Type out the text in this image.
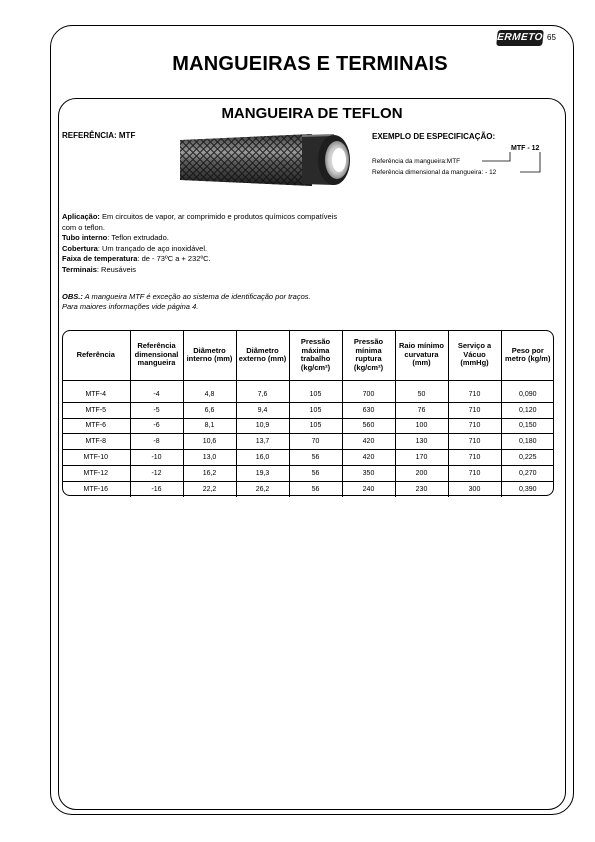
ERMETO 65
MANGUEIRAS E TERMINAIS
MANGUEIRA DE TEFLON
REFERÊNCIA: MTF	EXEMPLO DE ESPECIFICAÇÃO:
MTF - 12
Referência da mangueira:MTF
Referência dimensional da mangueira: - 12
Aplicação: Em circuitos de vapor, ar comprimido e produtos químicos compatíveis com o teflon.
Tubo interno: Teflon extrudado.
Cobertura: Um trançado de aço inoxidável.
Faixa de temperatura: de - 73ºC a + 232ºC.
Terminais: Reusáveis
OBS.: A mangueira MTF é exceção ao sistema de identificação por traços.
Para maiores informações vide página 4.
Referência	Referência dimensional mangueira	Diâmetro interno (mm)	Diâmetro externo (mm)	Pressão máxima trabalho (kg/cm²)	Pressão mínima ruptura (kg/cm²)	Raio mínimo curvatura (mm)	Serviço a Vácuo (mmHg)	Peso por metro (kg/m)
MTF-4	-4	4,8	7,6	105	700	50	710	0,090
MTF-5	-5	6,6	9,4	105	630	76	710	0,120
MTF-6	-6	8,1	10,9	105	560	100	710	0,150
MTF-8	-8	10,6	13,7	70	420	130	710	0,180
MTF-10	-10	13,0	16,0	56	420	170	710	0,225
MTF-12	-12	16,2	19,3	56	350	200	710	0,270
MTF-16	-16	22,2	26,2	56	240	230	300	0,390
